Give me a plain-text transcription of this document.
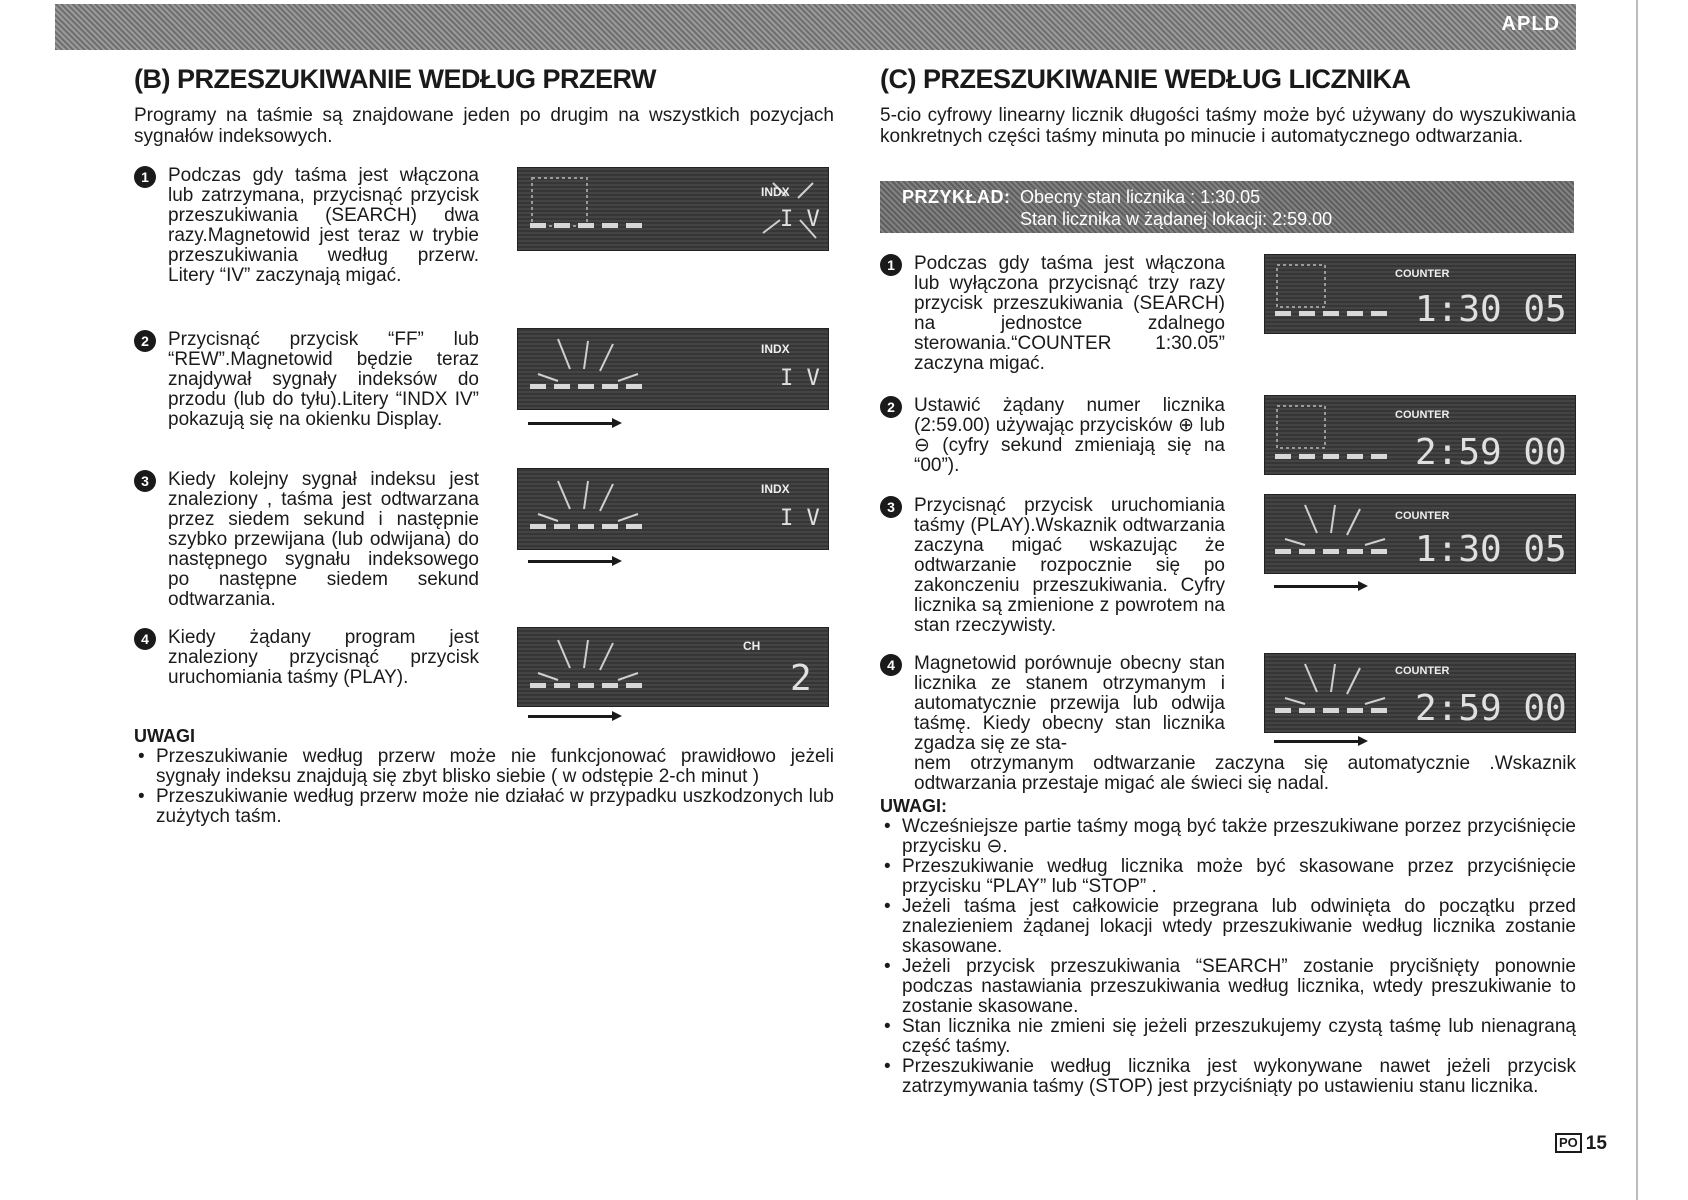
APLD
(B) PRZESZUKIWANIE WEDŁUG PRZERW

Programy na taśmie są znajdowane jeden po drugim na wszystkich pozycjach sygnałów indeksowych.

1	Podczas gdy taśma jest włączona lub zatrzymana, przycisnąć przycisk przeszukiwania (SEARCH) dwa razy.Magnetowid jest teraz w trybie przeszukiwania według przerw. Litery “IV” zaczynają migać.
2	Przycisnąć przycisk “FF” lub “REW”.Magnetowid będzie teraz znajdywał sygnały indeksów do przodu (lub do tyłu).Litery “INDX IV” pokazują się na okienku Display.
3	Kiedy kolejny sygnał indeksu jest znaleziony , taśma jest odtwarzana przez siedem sekund i następnie szybko przewijana (lub odwijana) do następnego sygnału indeksowego po następne siedem sekund odtwarzania.
4	Kiedy żądany program jest znaleziony przycisnąć przycisk uruchomiania taśmy (PLAY).
INDX
I V
INDX
I V
INDX
I V
CH
2

UWAGI

• Przeszukiwanie według przerw może nie funkcjonować prawidłowo jeżeli sygnały indeksu znajdują się zbyt blisko siebie ( w odstępie 2-ch minut )
• Przeszukiwanie według przerw może nie działać w przypadku uszkodzonych lub zużytych taśm.
(C) PRZESZUKIWANIE WEDŁUG LICZNIKA

5-cio cyfrowy linearny licznik długości taśmy może być używany do wyszukiwania konkretnych części taśmy minuta po minucie i automatycznego odtwarzania.

PRZYKŁAD: Obecny stan licznika : 1:30.05
Stan licznika w żądanej lokacji: 2:59.00
1	Podczas gdy taśma jest włączona lub wyłączona przycisnąć trzy razy przycisk przeszukiwania (SEARCH) na jednostce zdalnego sterowania.“COUNTER 1:30.05” zaczyna migać.
2	Ustawić żądany numer licznika (2:59.00) używając przycisków ⊕ lub ⊖ (cyfry sekund zmieniają się na “00”).
3	Przycisnąć przycisk uruchomiania taśmy (PLAY).Wskaznik odtwarzania zaczyna migać wskazując że odtwarzanie rozpocznie się po zakonczeniu przeszukiwania. Cyfry licznika są zmienione z powrotem na stan rzeczywisty.
4	Magnetowid porównuje obecny stan licznika ze stanem otrzymanym i automatycznie przewija lub odwija taśmę. Kiedy obecny stan licznika zgadza się ze sta-
COUNTER
1:30 05
COUNTER
2:59 00
COUNTER
1:30 05
COUNTER
2:59 00
nem otrzymanym odtwarzanie zaczyna się automatycznie .Wskaznik odtwarzania przestaje migać ale świeci się nadal.

UWAGI:

• Wcześniejsze partie taśmy mogą być także przeszukiwane porzez przyciśnięcie przycisku ⊖.
• Przeszukiwanie według licznika może być skasowane przez przyciśnięcie przycisku “PLAY” lub “STOP” .
• Jeżeli taśma jest całkowicie przegrana lub odwinięta do początku przed znalezieniem żądanej lokacji wtedy przeszukiwanie według licznika zostanie skasowane.
• Jeżeli przycisk przeszukiwania “SEARCH” zostanie prycišnięty ponownie podczas nastawiania przeszukiwania według licznika, wtedy preszukiwanie to zostanie skasowane.
• Stan licznika nie zmieni się jeżeli przeszukujemy czystą taśmę lub nienagraną część taśmy.
• Przeszukiwanie według licznika jest wykonywane nawet jeżeli przycisk zatrzymywania taśmy (STOP) jest przyciśniąty po ustawieniu stanu licznika.
PO 15
